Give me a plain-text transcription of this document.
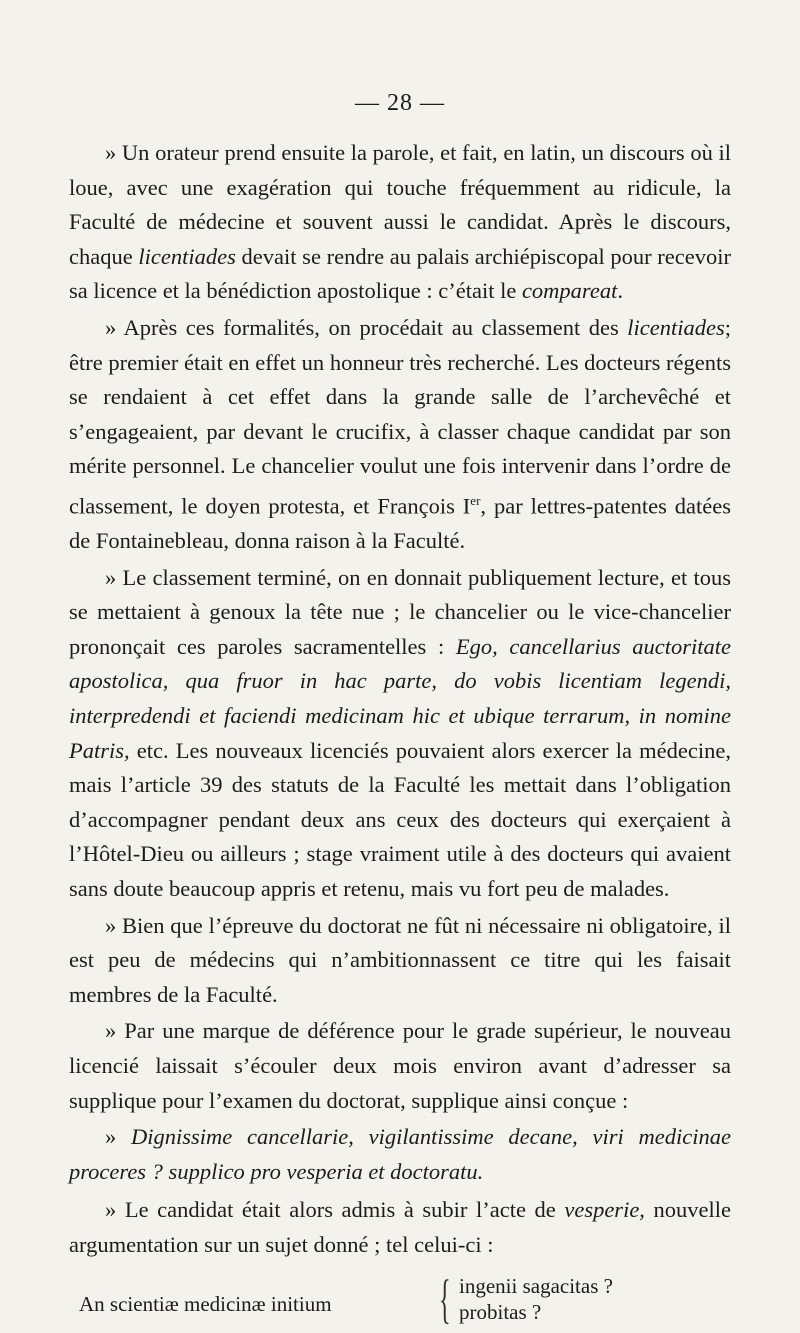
— 28 —

» Un orateur prend ensuite la parole, et fait, en latin, un discours où il loue, avec une exagération qui touche fréquemment au ridicule, la Faculté de médecine et souvent aussi le candidat. Après le discours, chaque licentiades devait se rendre au palais archiépiscopal pour recevoir sa licence et la bénédiction apostolique : c’était le compareat.

» Après ces formalités, on procédait au classement des licentiades; être premier était en effet un honneur très recherché. Les docteurs régents se rendaient à cet effet dans la grande salle de l’archevêché et s’engageaient, par devant le crucifix, à classer chaque candidat par son mérite personnel. Le chancelier voulut une fois intervenir dans l’ordre de classement, le doyen protesta, et François Ier, par lettres-patentes datées de Fontainebleau, donna raison à la Faculté.

» Le classement terminé, on en donnait publiquement lecture, et tous se mettaient à genoux la tête nue ; le chancelier ou le vice-chancelier prononçait ces paroles sacramentelles : Ego, cancellarius auctoritate apostolica, qua fruor in hac parte, do vobis licentiam legendi, interpredendi et faciendi medicinam hic et ubique terrarum, in nomine Patris, etc. Les nouveaux licenciés pouvaient alors exercer la médecine, mais l’article 39 des statuts de la Faculté les mettait dans l’obligation d’accompagner pendant deux ans ceux des docteurs qui exerçaient à l’Hôtel-Dieu ou ailleurs ; stage vraiment utile à des docteurs qui avaient sans doute beaucoup appris et retenu, mais vu fort peu de malades.

» Bien que l’épreuve du doctorat ne fût ni nécessaire ni obligatoire, il est peu de médecins qui n’ambitionnassent ce titre qui les faisait membres de la Faculté.

» Par une marque de déférence pour le grade supérieur, le nouveau licencié laissait s’écouler deux mois environ avant d’adresser sa supplique pour l’examen du doctorat, supplique ainsi conçue :

» Dignissime cancellarie, vigilantissime decane, viri medicinae proceres ? supplico pro vesperia et doctoratu.

» Le candidat était alors admis à subir l’acte de vesperie, nouvelle argumentation sur un sujet donné ; tel celui-ci :

An scientiæ medicinæ initium { ingenii sagacitas ?
probitas ?
